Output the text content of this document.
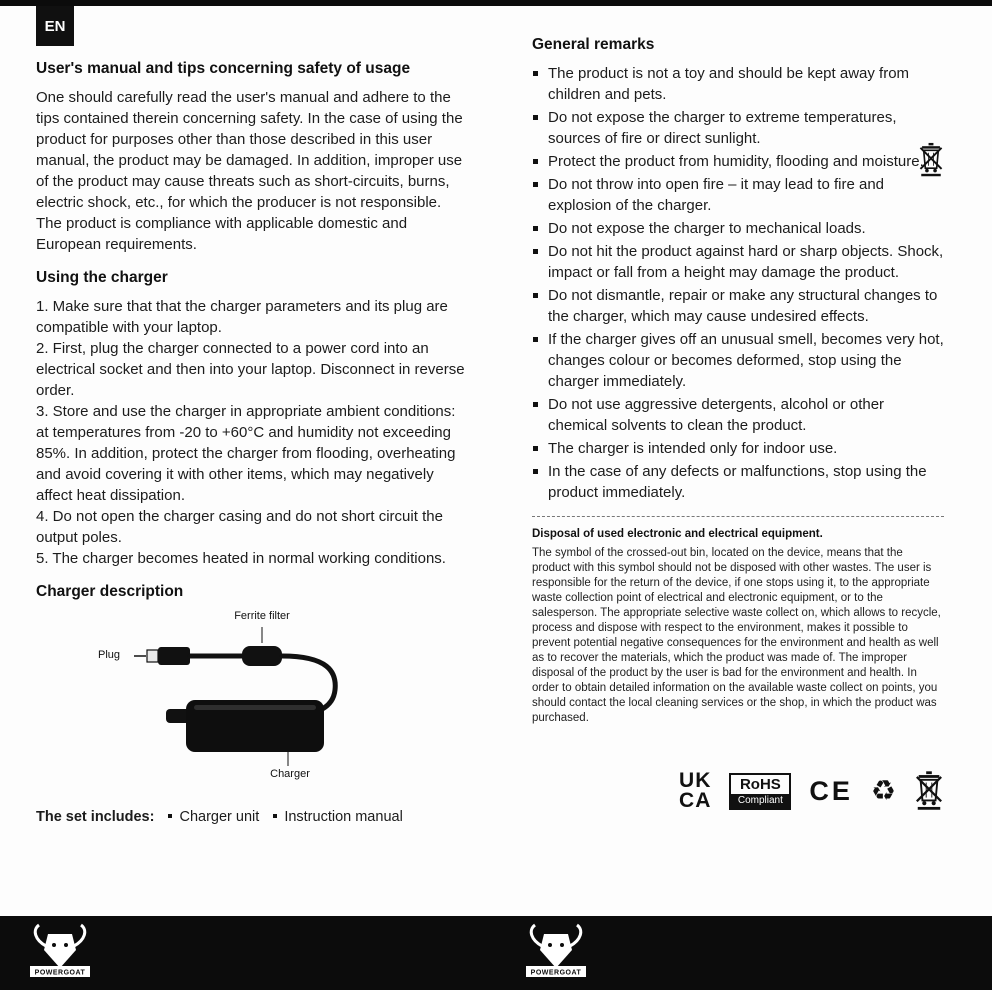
EN
User's manual and tips concerning safety of usage

One should carefully read the user's manual and adhere to the tips contained therein concerning safety. In the case of using the product for purposes other than those described in this user manual, the product may be damaged. In addition, improper use of the product may cause threats such as short-circuits, burns, electric shock, etc., for which the producer is not responsible. The product is compliance with applicable domestic and European requirements.

Using the charger

1. Make sure that that the charger parameters and its plug are compatible with your laptop.

2. First, plug the charger connected to a power cord into an electrical socket and then into your laptop. Disconnect in reverse order.

3. Store and use the charger in appropriate ambient conditions: at temperatures from -20 to +60°C and humidity not exceeding 85%. In addition, protect the charger from flooding, overheating and avoid covering it with other items, which may negatively affect heat dissipation.

4. Do not open the charger casing and do not short circuit the output poles.

5. The charger becomes heated in normal working conditions.

Charger description
Ferrite filter
Plug
Charger

The set includes: Charger unit Instruction manual

General remarks
The product is not a toy and should be kept away from children and pets.
Do not expose the charger to extreme temperatures, sources of fire or direct sunlight.
Protect the product from humidity, flooding and moisture.
Do not throw into open fire – it may lead to fire and explosion of the charger.
Do not expose the charger to mechanical loads.
Do not hit the product against hard or sharp objects. Shock, impact or fall from a height may damage the product.
Do not dismantle, repair or make any structural changes to the charger, which may cause undesired effects.
If the charger gives off an unusual smell, becomes very hot, changes colour or becomes deformed, stop using the charger immediately.
Do not use aggressive detergents, alcohol or other chemical solvents to clean the product.
The charger is intended only for indoor use.
In the case of any defects or malfunctions, stop using the product immediately.
Disposal of used electronic and electrical equipment.

The symbol of the crossed-out bin, located on the device, means that the product with this symbol should not be disposed with other wastes. The user is responsible for the return of the device, if one stops using it, to the appropriate waste collection point of electrical and electronic equipment, or to the salesperson. The appropriate selective waste collect on, which allows to recycle, process and dispose with respect to the environment, makes it possible to prevent potential negative consequences for the environment and health as well as to recover the materials, which the product was made of. The improper disposal of the product by the user is bad for the environment and health. In order to obtain detailed information on the available waste collect on points, you should contact the local cleaning services or the shop, in which the product was purchased.

UK
CA
RoHS
Compliant CE ♻
POWERGOAT	POWERGOAT
